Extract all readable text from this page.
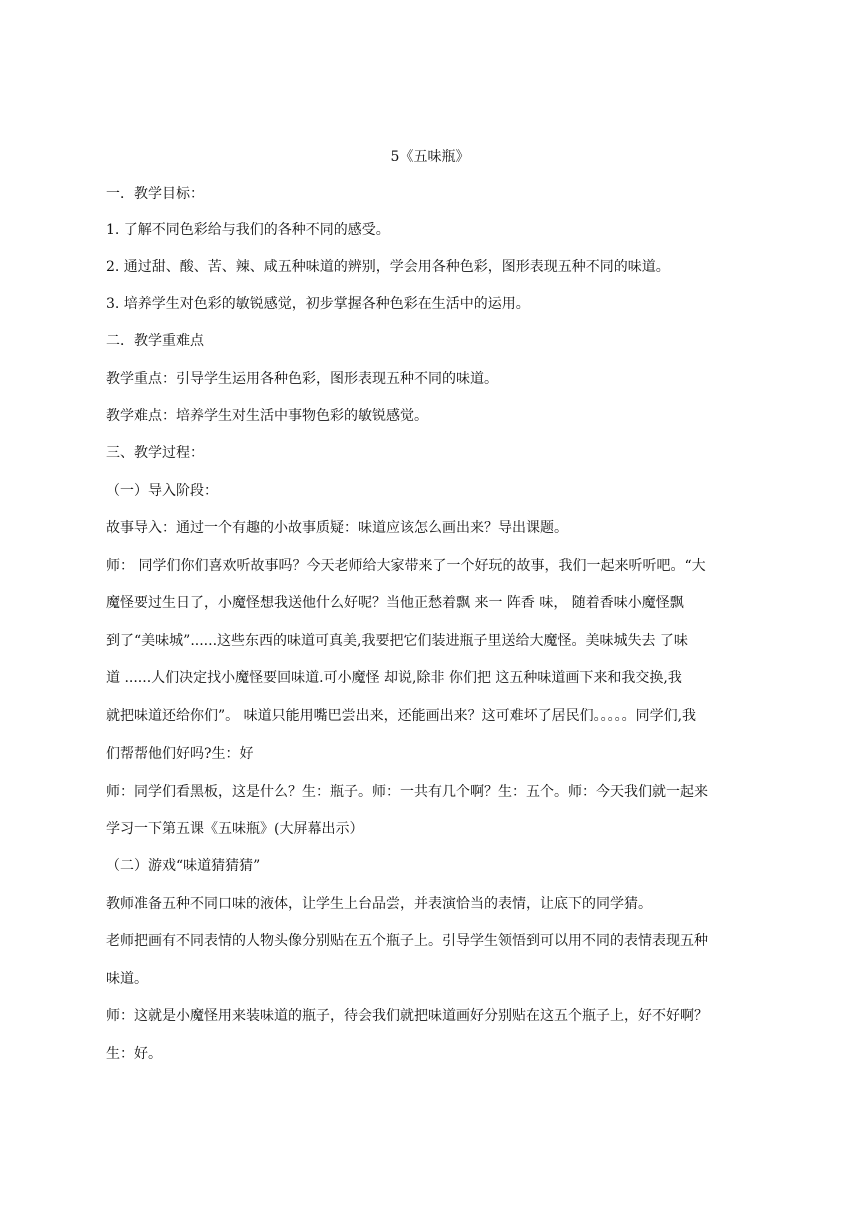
5《五味瓶》
一．教学目标：
1. 了解不同色彩给与我们的各种不同的感受。
2. 通过甜、酸、苦、辣、咸五种味道的辨别，学会用各种色彩，图形表现五种不同的味道。
3. 培养学生对色彩的敏锐感觉，初步掌握各种色彩在生活中的运用。
二．教学重难点
教学重点：引导学生运用各种色彩，图形表现五种不同的味道。
教学难点：培养学生对生活中事物色彩的敏锐感觉。
三、教学过程：
（一）导入阶段：
故事导入：通过一个有趣的小故事质疑：味道应该怎么画出来？导出课题。
师： 同学们你们喜欢听故事吗？今天老师给大家带来了一个好玩的故事，我们一起来听听吧。“大
魔怪要过生日了，小魔怪想我送他什么好呢？当他正愁着飘 来一 阵香 味， 随着香味小魔怪飘
到了“美味城”......这些东西的味道可真美,我要把它们装进瓶子里送给大魔怪。美味城失去 了味
道 ......人们决定找小魔怪要回味道.可小魔怪 却说,除非 你们把 这五种味道画下来和我交换,我
就把味道还给你们”。 味道只能用嘴巴尝出来，还能画出来？这可难坏了居民们。。。。。同学们,我
们帮帮他们好吗?生：好
师：同学们看黑板，这是什么？生：瓶子。师：一共有几个啊？生：五个。师：今天我们就一起来
学习一下第五课《五味瓶》(大屏幕出示）
（二）游戏“味道猜猜猜”
教师准备五种不同口味的液体，让学生上台品尝，并表演恰当的表情，让底下的同学猜。
老师把画有不同表情的人物头像分别贴在五个瓶子上。引导学生领悟到可以用不同的表情表现五种
味道。
师：这就是小魔怪用来装味道的瓶子，待会我们就把味道画好分别贴在这五个瓶子上，好不好啊？
生：好。
